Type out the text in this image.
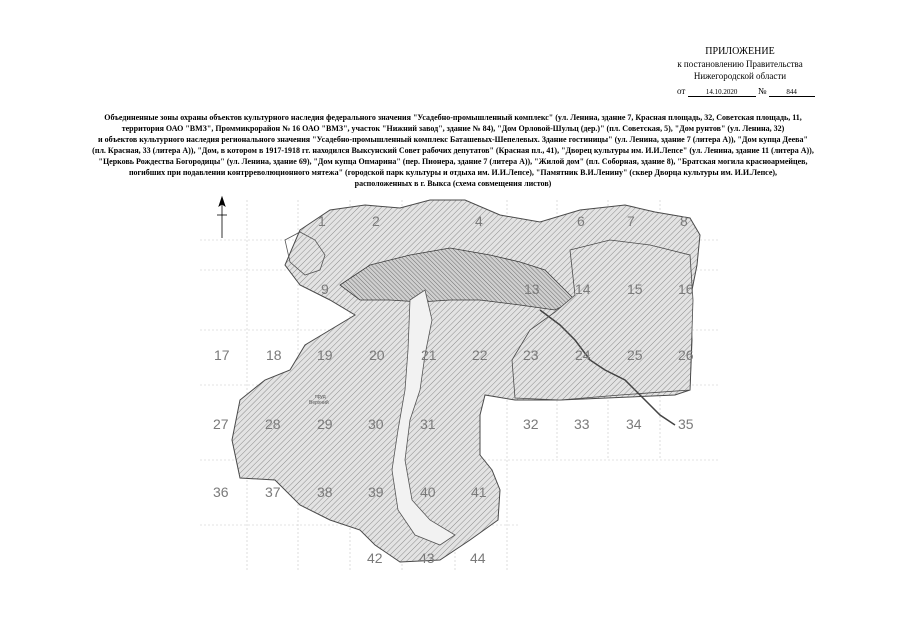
ПРИЛОЖЕНИЕ
к постановлению Правительства
Нижегородской области
от	14.10.2020 №	844

Объединенные зоны охраны объектов культурного наследия федерального значения "Усадебно-промышленный комплекс" (ул. Ленина, здание 7, Красная площадь, 32, Советская площадь, 11,

территория ОАО "ВМЗ", Проммикрорайон № 16 ОАО "ВМЗ", участок "Нижний завод", здание № 84), "Дом Орловой-Шульц (дер.)" (пл. Советская, 5), "Дом рунтов" (ул. Ленина, 32)

и объектов культурного наследия регионального значения "Усадебно-промышленный комплекс Баташевых-Шепелевых. Здание гостиницы" (ул. Ленина, здание 7 (литера А)), "Дом купца Деева"

(пл. Красная, 33 (литера А)), "Дом, в котором в 1917-1918 гг. находился Выксунский Совет рабочих депутатов" (Красная пл., 41), "Дворец культуры им. И.И.Лепсе" (ул. Ленина, здание 11 (литера А)),

"Церковь Рождества Богородицы" (ул. Ленина, здание 69), "Дом купца Опмарина" (пер. Пионера, здание 7 (литера А)), "Жилой дом" (пл. Соборная, здание 8), "Братская могила красноармейцев,

погибших при подавлении контрреволюционного мятежа" (городской парк культуры и отдыха им. И.И.Лепсе), "Памятник В.И.Ленину" (сквер Дворца культуры им. И.И.Лепсе),

расположенных в г. Выкса (схема совмещения листов)

пруд
Верхний
1	2	4	6	7	8
9	13	14	15	16
17	18	19	20	21	22	23	24	25	26
27	28	29	30	31	32	33	34	35
36	37	38	39	40	41
42	43	44
